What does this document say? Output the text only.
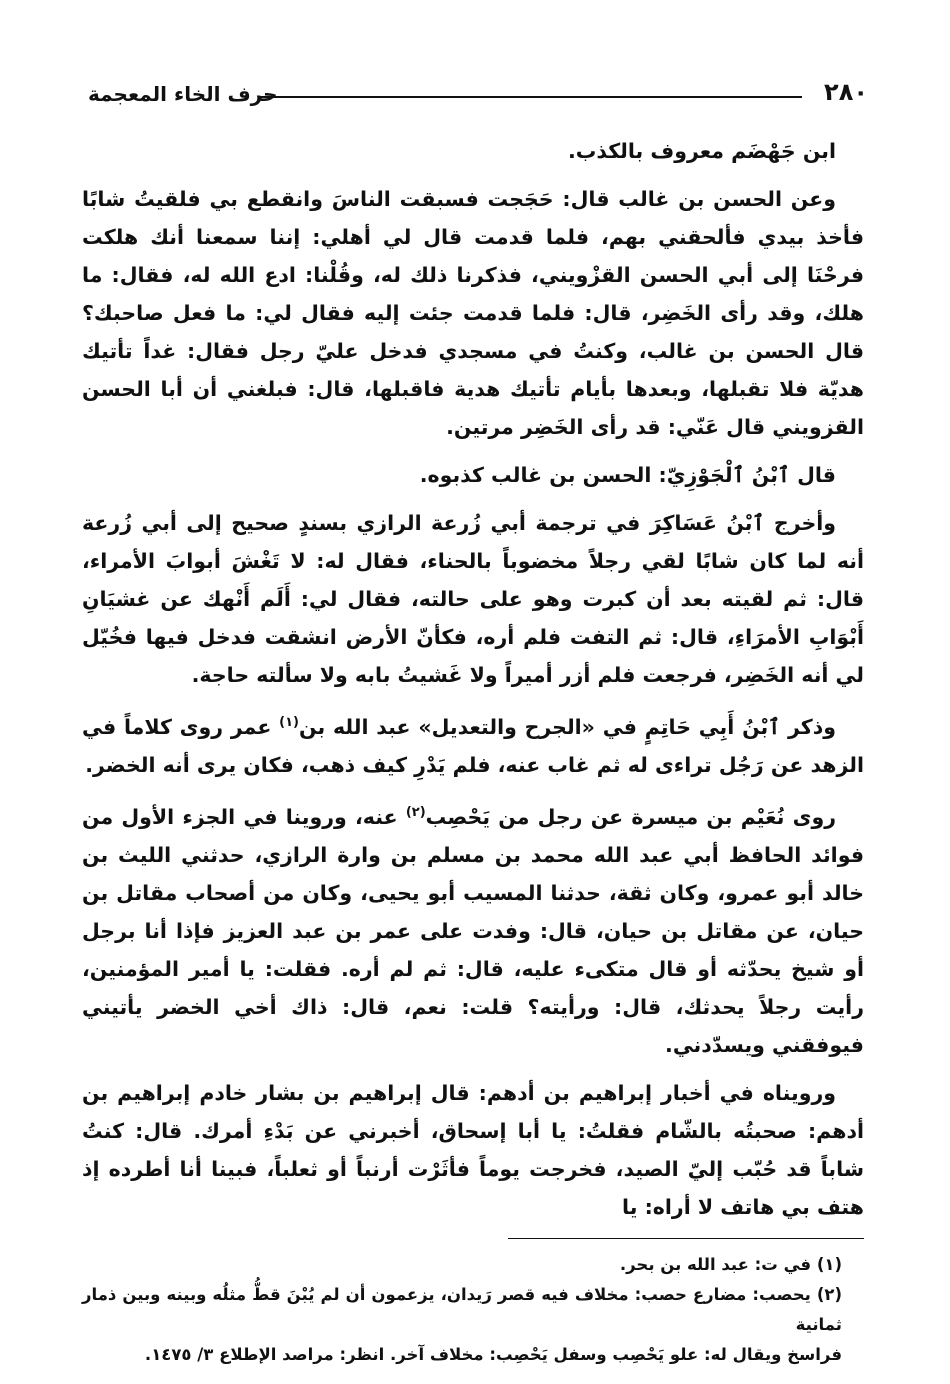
٢٨٠
حرف الخاء المعجمة

ابن جَهْضَم معروف بالكذب.

وعن الحسن بن غالب قال: حَجَجت فسبقت الناسَ وانقطع بي فلقيتُ شابًا فأخذ بيدي فألحقني بهم، فلما قدمت قال لي أهلي: إننا سمعنا أنك هلكت فرحْنَا إلى أبي الحسن القزْويني، فذكرنا ذلك له، وقُلْنا: ادع الله له، فقال: ما هلك، وقد رأى الخَضِر، قال: فلما قدمت جئت إليه فقال لي: ما فعل صاحبك؟ قال الحسن بن غالب، وكنتُ في مسجدي فدخل عليّ رجل فقال: غداً تأتيك هديّة فلا تقبلها، وبعدها بأيام تأتيك هدية فاقبلها، قال: فبلغني أن أبا الحسن القزويني قال عَنّي: قد رأى الخَضِر مرتين.

قال ٱبْنُ ٱلْجَوْزِيّ: الحسن بن غالب كذبوه.

وأخرج ٱبْنُ عَسَاكِرَ في ترجمة أبي زُرعة الرازي بسندٍ صحيح إلى أبي زُرعة أنه لما كان شابًا لقي رجلاً مخضوباً بالحناء، فقال له: لا تَغْشَ أبوابَ الأمراء، قال: ثم لقيته بعد أن كبرت وهو على حالته، فقال لي: أَلَم أَنْهك عن غشيَانِ أَبْوَابِ الأمرَاءِ، قال: ثم التفت فلم أره، فكأنّ الأرض انشقت فدخل فيها فخُيّل لي أنه الخَضِر، فرجعت فلم أزر أميراً ولا غَشيتُ بابه ولا سألته حاجة.

وذكر ٱبْنُ أَبِي حَاتِمٍ في «الجرح والتعديل» عبد الله بن$^{(١)}$ عمر روى كلاماً في الزهد عن رَجُل تراءى له ثم غاب عنه، فلم يَدْرِ كيف ذهب، فكان يرى أنه الخضر.

روى نُعَيْم بن ميسرة عن رجل من يَحْصِب$^{(٢)}$ عنه، وروينا في الجزء الأول من فوائد الحافظ أبي عبد الله محمد بن مسلم بن وارة الرازي، حدثني الليث بن خالد أبو عمرو، وكان ثقة، حدثنا المسيب أبو يحيى، وكان من أصحاب مقاتل بن حيان، عن مقاتل بن حيان، قال: وفدت على عمر بن عبد العزيز فإذا أنا برجل أو شيخ يحدّثه أو قال متكىء عليه، قال: ثم لم أره. فقلت: يا أمير المؤمنين، رأيت رجلاً يحدثك، قال: ورأيته؟ قلت: نعم، قال: ذاك أخي الخضر يأتيني فيوفقني ويسدّدني.

ورويناه في أخبار إبراهيم بن أدهم: قال إبراهيم بن بشار خادم إبراهيم بن أدهم: صحبتُه بالشّام فقلتُ: يا أبا إسحاق، أخبرني عن بَدْءِ أمرك. قال: كنتُ شاباً قد حُبّب إليّ الصيد، فخرجت يوماً فأثَرْت أرنباً أو ثعلباً، فبينا أنا أطرده إذ هتف بي هاتف لا أراه: يا

(١) في ت: عبد الله بن بحر.

(٢) يحصب: مضارع حصب: مخلاف فيه قصر رَيدان، يزعمون أن لم يُبْنَ قطُّ مثلُه وبينه وبين ذمار ثمانية

فراسخ ويقال له: علو يَحْصِب وسفل يَحْصِب: مخلاف آخر. انظر: مراصد الإطلاع ٣/ ١٤٧٥.
